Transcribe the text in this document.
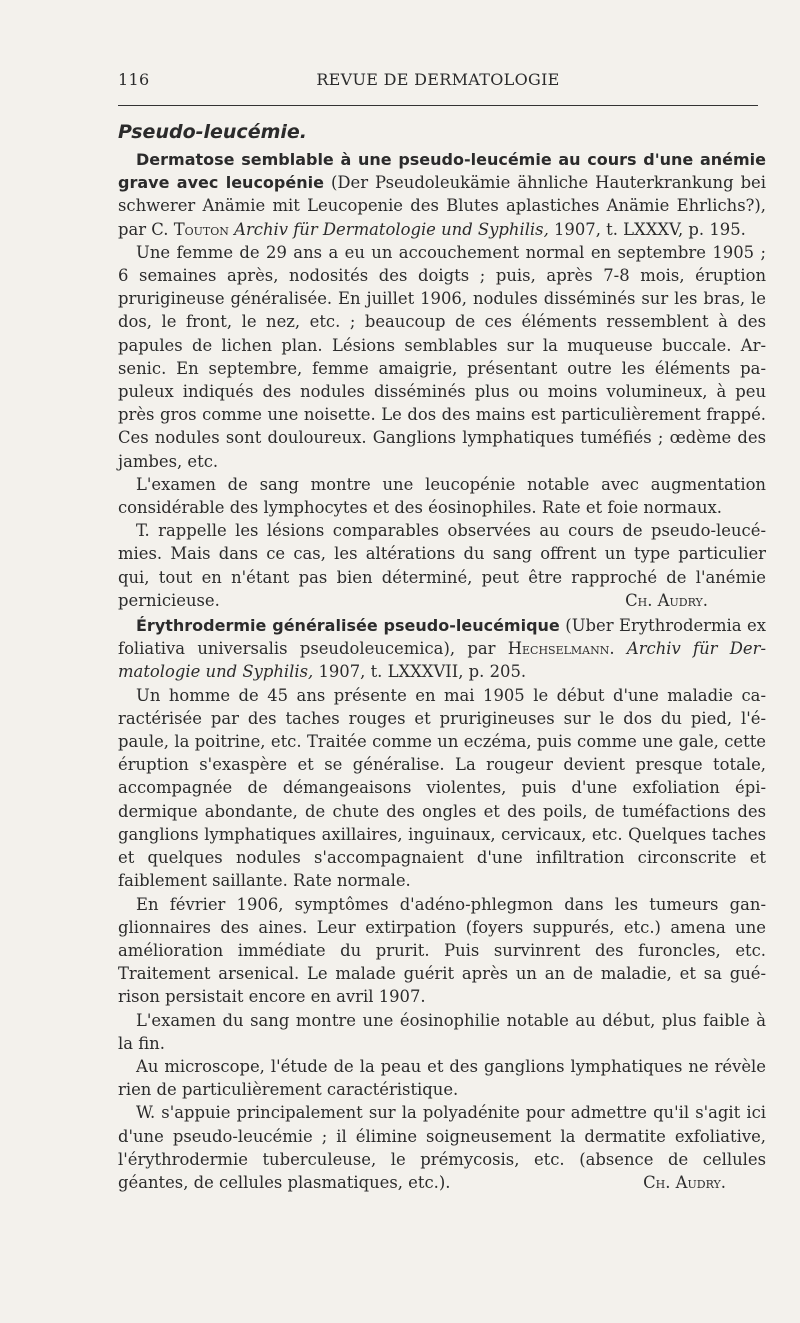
116	REVUE DE DERMATOLOGIE
Pseudo-leucémie.

Dermatose semblable à une pseudo-leucémie au cours d'une anémie grave avec leucopénie (Der Pseudoleukämie ähnliche Hauterkrankung bei schwerer Anämie mit Leucopenie des Blutes aplastiches Anämie Ehrlichs?), par C. Touton Archiv für Dermatologie und Syphilis, 1907, t. LXXXV, p. 195.

Une femme de 29 ans a eu un accouchement normal en septembre 1905 ; 6 semaines après, nodosités des doigts ; puis, après 7-8 mois, éruption prurigineuse généralisée. En juillet 1906, nodules disséminés sur les bras, le dos, le front, le nez, etc. ; beaucoup de ces éléments ressemblent à des papules de lichen plan. Lésions semblables sur la muqueuse buccale. Arsenic. En septembre, femme amaigrie, présentant outre les éléments papuleux indiqués des nodules disséminés plus ou moins volumineux, à peu près gros comme une noisette. Le dos des mains est particulièrement frappé. Ces nodules sont douloureux. Ganglions lymphatiques tuméfiés ; œdème des jambes, etc.

L'examen de sang montre une leucopénie notable avec augmentation considérable des lymphocytes et des éosinophiles. Rate et foie normaux.

T. rappelle les lésions comparables observées au cours de pseudo-leucémies. Mais dans ce cas, les altérations du sang offrent un type particulier qui, tout en n'étant pas bien déterminé, peut être rapproché de l'anémie pernicieuse.	Ch. Audry.

Érythrodermie généralisée pseudo-leucémique (Uber Erythrodermia ex foliativa universalis pseudoleucemica), par Hechselmann. Archiv für Dermatologie und Syphilis, 1907, t. LXXXVII, p. 205.

Un homme de 45 ans présente en mai 1905 le début d'une maladie caractérisée par des taches rouges et prurigineuses sur le dos du pied, l'épaule, la poitrine, etc. Traitée comme un eczéma, puis comme une gale, cette éruption s'exaspère et se généralise. La rougeur devient presque totale, accompagnée de démangeaisons violentes, puis d'une exfoliation épidermique abondante, de chute des ongles et des poils, de tuméfactions des ganglions lymphatiques axillaires, inguinaux, cervicaux, etc. Quelques taches et quelques nodules s'accompagnaient d'une infiltration circonscrite et faiblement saillante. Rate normale.

En février 1906, symptômes d'adéno-phlegmon dans les tumeurs ganglionnaires des aines. Leur extirpation (foyers suppurés, etc.) amena une amélioration immédiate du prurit. Puis survinrent des furoncles, etc. Traitement arsenical. Le malade guérit après un an de maladie, et sa guérison persistait encore en avril 1907.

L'examen du sang montre une éosinophilie notable au début, plus faible à la fin.

Au microscope, l'étude de la peau et des ganglions lymphatiques ne révèle rien de particulièrement caractéristique.

W. s'appuie principalement sur la polyadénite pour admettre qu'il s'agit ici d'une pseudo-leucémie ; il élimine soigneusement la dermatite exfoliative, l'érythrodermie tuberculeuse, le prémycosis, etc. (absence de cellules géantes, de cellules plasmatiques, etc.).	Ch. Audry.
